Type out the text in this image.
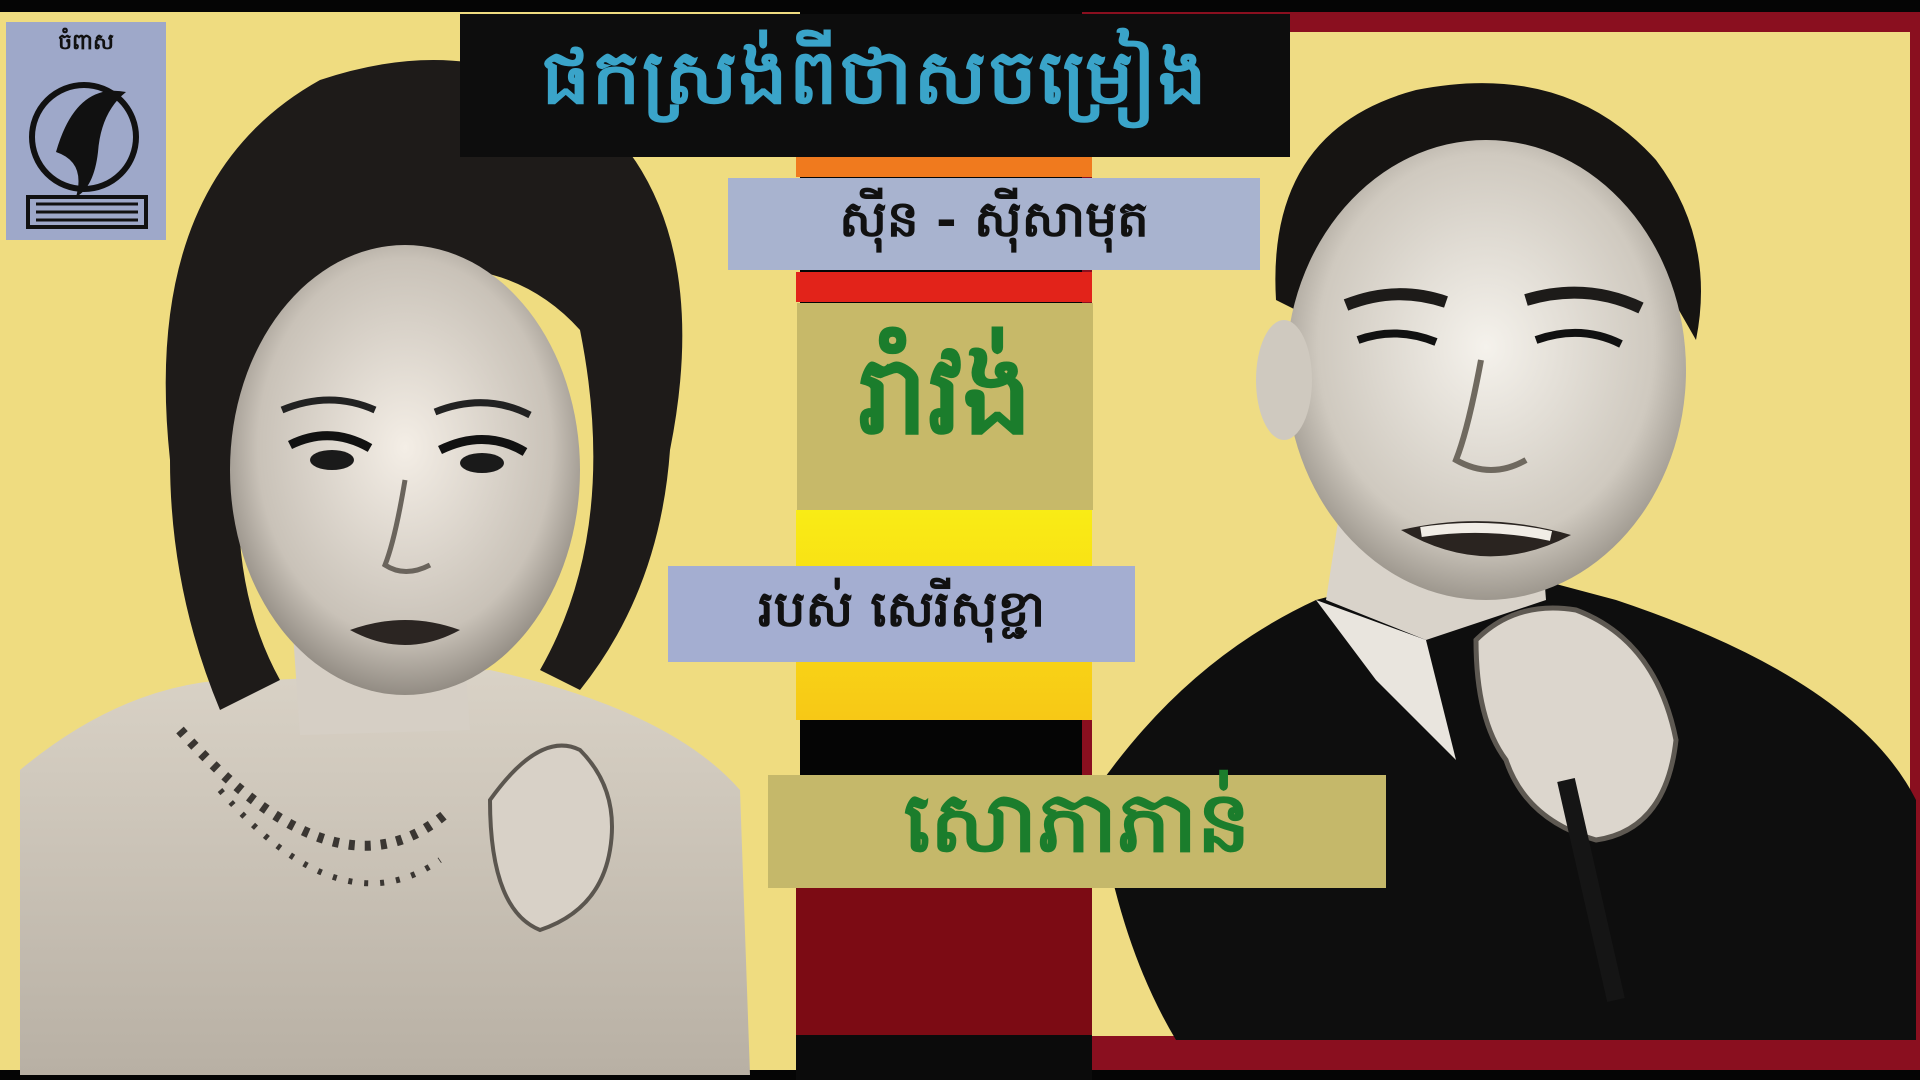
ចំពាស	ផកស្រង់ពីថាសចម្រៀង
ស៊ីន - ស៊ីសាមុត
រាំវង់
របស់ សេរីសុខ្ជា
សោភាភាន់
